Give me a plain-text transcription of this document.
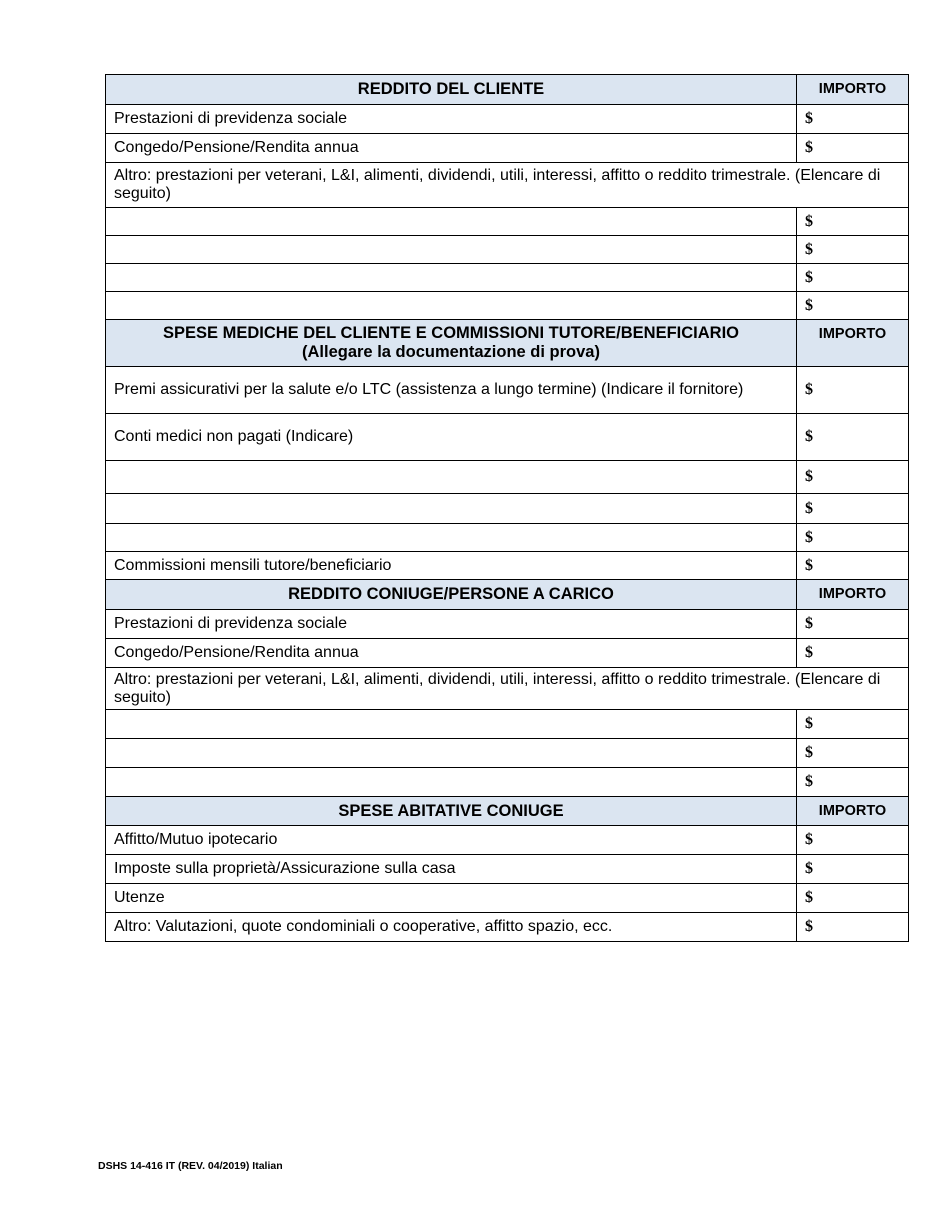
REDDITO DEL CLIENTE	IMPORTO
Prestazioni di previdenza sociale	$
Congedo/Pensione/Rendita annua	$
Altro: prestazioni per veterani, L&I, alimenti, dividendi, utili, interessi, affitto o reddito trimestrale. (Elencare di seguito)	
	$
	$
	$
	$

SPESE MEDICHE DEL CLIENTE E COMMISSIONI TUTORE/BENEFICIARIO
(Allegare la documentazione di prova)	IMPORTO
Premi assicurativi per la salute e/o LTC (assistenza a lungo termine) (Indicare il fornitore)	$
Conti medici non pagati (Indicare)	$
	$
	$
	$
Commissioni mensili tutore/beneficiario	$
REDDITO CONIUGE/PERSONE A CARICO	IMPORTO
Prestazioni di previdenza sociale	$
Congedo/Pensione/Rendita annua	$
Altro: prestazioni per veterani, L&I, alimenti, dividendi, utili, interessi, affitto o reddito trimestrale. (Elencare di seguito)	
	$
	$
	$
SPESE ABITATIVE CONIUGE	IMPORTO
Affitto/Mutuo ipotecario	$
Imposte sulla proprietà/Assicurazione sulla casa	$
Utenze	$
Altro: Valutazioni, quote condominiali o cooperative, affitto spazio, ecc.	$
DSHS 14-416 IT (REV. 04/2019) Italian
